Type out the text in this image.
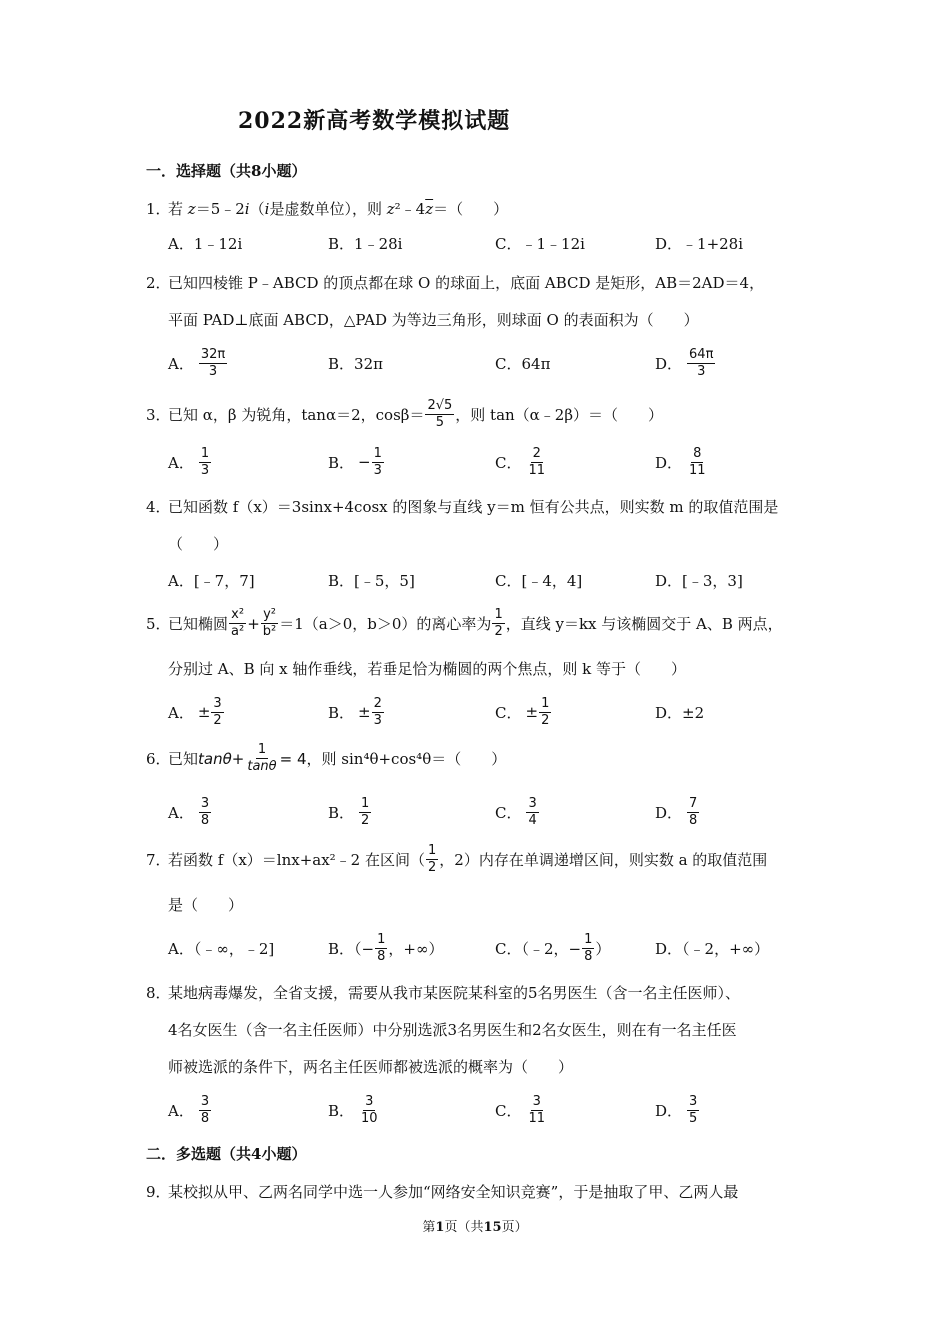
2022新高考数学模拟试题
一．选择题（共8小题）
1．若 z＝5﹣2i（i是虚数单位），则 $z^2﹣4\overline{z}=$（　　）
A．1﹣12i	B．1﹣28i	C．﹣1﹣12i	D．﹣1+28i
2．已知四棱锥 P﹣ABCD 的顶点都在球 O 的球面上，底面 ABCD 是矩形，AB＝2AD＝4，
平面 PAD⊥底面 ABCD，△PAD 为等边三角形，则球面 O 的表面积为（　　）
A． $\frac{32\pi}{3}$	B．32π	C．64π	D． $\frac{64\pi}{3}$
3．
已知 α，β 为锐角，tanα＝2，$\cos\beta= \frac{2√5}{5}$ ，则 tan（α﹣2β）＝（　　）
A． $\frac{1}{3}$	B． − $\frac{1}{3}$	C． $\frac{2}{11}$	D． $\frac{8}{11}$
4．已知函数 f（x）＝3sinx+4cosx 的图象与直线 y＝m 恒有公共点，则实数 m 的取值范围是
（　　）
A．[﹣7，7]	B．[﹣5，5]	C．[﹣4，4]	D．[﹣3，3]
5．
已知椭圆 $\frac{\text{x²}}{\text{a²}} + \frac{\text{y²}}{\text{b²}} =1(a>0$，b＞0）的离心率为 $\frac{1}{2}$ ，直线 y＝kx 与该椭圆交于 A、B 两点，
分别过 A、B 向 x 轴作垂线，若垂足恰为椭圆的两个焦点，则 k 等于（　　）
A． ± $\frac{3}{2}$	B． ± $\frac{2}{3}$	C． ± $\frac{1}{2}$	D．±2
6．
已知 $\tan\theta + \frac{1}{\tan\theta} = 4$ ，则 sin⁴θ+cos⁴θ＝（　　）
A． $\frac{3}{8}$	B． $\frac{1}{2}$	C． $\frac{3}{4}$	D． $\frac{7}{8}$
7．
若函数 f（x）＝lnx+ax²﹣2 在区间（ $\frac{1}{2}$ ，2）内存在单调递增区间，则实数 a 的取值范围
是（　　）
A．（﹣∞，﹣2]	B．（− $\frac{1}{8}$ ，+∞）	C．（﹣2，− $\frac{1}{8}$ ）	D．（﹣2，+∞）
8．某地病毒爆发，全省支援，需要从我市某医院某科室的5名男医生（含一名主任医师）、
4名女医生（含一名主任医师）中分别选派3名男医生和2名女医生，则在有一名主任医
师被选派的条件下，两名主任医师都被选派的概率为（　　）
A． $\frac{3}{8}$	B． $\frac{3}{10}$	C． $\frac{3}{11}$	D． $\frac{3}{5}$
二．多选题（共4小题）
9．某校拟从甲、乙两名同学中选一人参加“网络安全知识竞赛”，于是抽取了甲、乙两人最
第1页（共15页）
